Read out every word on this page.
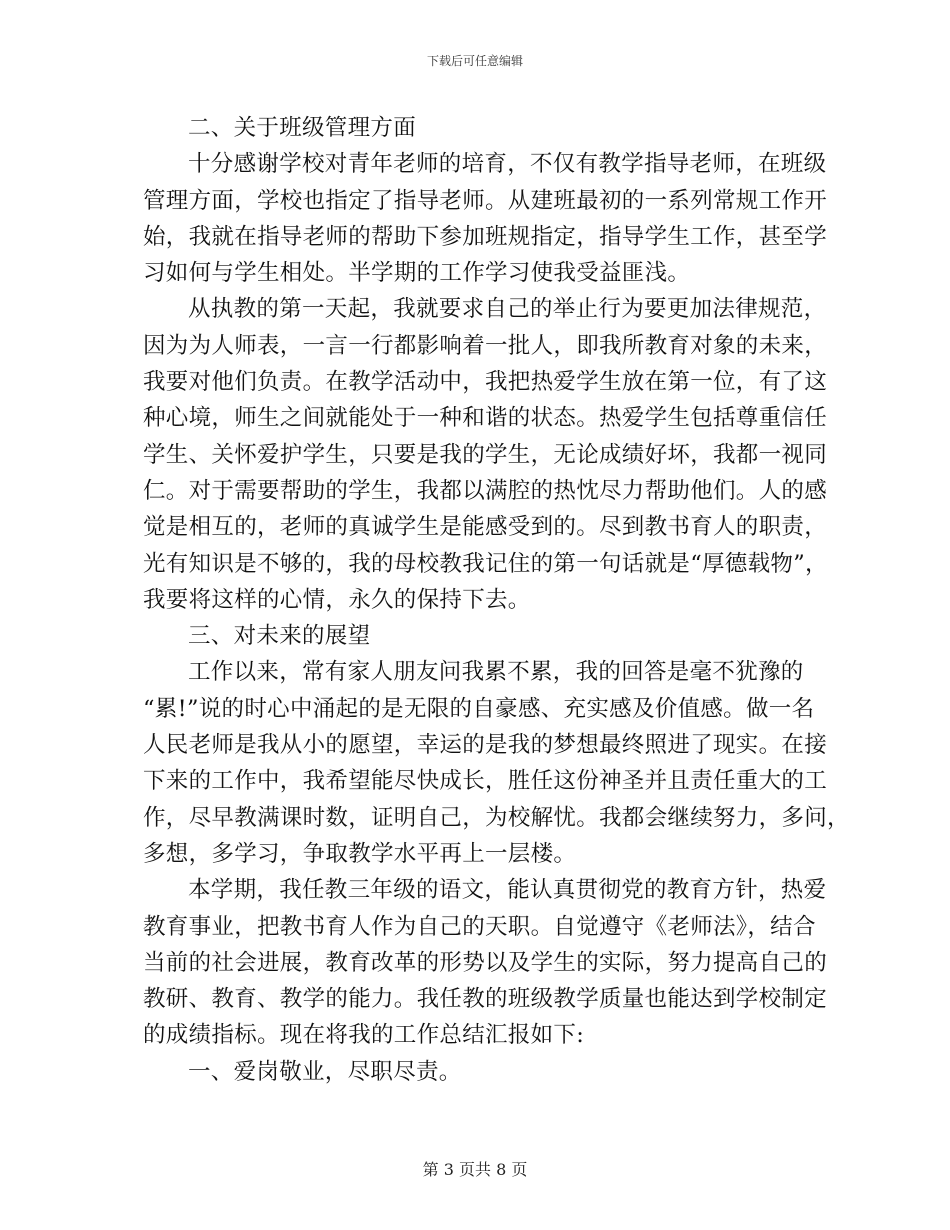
下载后可任意编辑
二、关于班级管理方面
十分感谢学校对青年老师的培育，不仅有教学指导老师，在班级
管理方面，学校也指定了指导老师。从建班最初的一系列常规工作开
始，我就在指导老师的帮助下参加班规指定，指导学生工作，甚至学
习如何与学生相处。半学期的工作学习使我受益匪浅。
从执教的第一天起，我就要求自己的举止行为要更加法律规范，
因为为人师表，一言一行都影响着一批人，即我所教育对象的未来，
我要对他们负责。在教学活动中，我把热爱学生放在第一位，有了这
种心境，师生之间就能处于一种和谐的状态。热爱学生包括尊重信任
学生、关怀爱护学生，只要是我的学生，无论成绩好坏，我都一视同
仁。对于需要帮助的学生，我都以满腔的热忱尽力帮助他们。人的感
觉是相互的，老师的真诚学生是能感受到的。尽到教书育人的职责，
光有知识是不够的，我的母校教我记住的第一句话就是“厚德载物”，
我要将这样的心情，永久的保持下去。
三、对未来的展望
工作以来，常有家人朋友问我累不累，我的回答是毫不犹豫的
“累!”说的时心中涌起的是无限的自豪感、充实感及价值感。做一名
人民老师是我从小的愿望，幸运的是我的梦想最终照进了现实。在接
下来的工作中，我希望能尽快成长，胜任这份神圣并且责任重大的工
作，尽早教满课时数，证明自己，为校解忧。我都会继续努力，多问，
多想，多学习，争取教学水平再上一层楼。
本学期，我任教三年级的语文，能认真贯彻党的教育方针，热爱
教育事业，把教书育人作为自己的天职。自觉遵守《老师法》，结合
当前的社会进展，教育改革的形势以及学生的实际，努力提高自己的
教研、教育、教学的能力。我任教的班级教学质量也能达到学校制定
的成绩指标。现在将我的工作总结汇报如下:
一、爱岗敬业，尽职尽责。
第 3 页共 8 页
